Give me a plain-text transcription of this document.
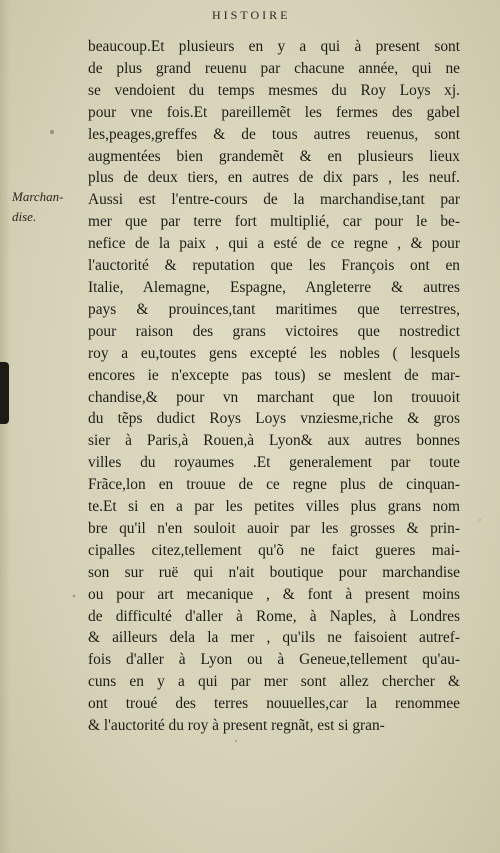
HISTOIRE
Marchan-
dise.
beaucoup.Et plusieurs en y a qui à present sont
de plus grand reuenu par chacune année, qui ne
se vendoient du temps mesmes du Roy Loys xj.
pour vne fois.Et pareillemẽt les fermes des gabel
les,peages,greffes & de tous autres reuenus, sont
augmentées bien grandemẽt & en plusieurs lieux
plus de deux tiers, en autres de dix pars , les neuf.
Aussi est l'entre-cours de la marchandise,tant par
mer que par terre fort multiplié, car pour le be-
nefice de la paix , qui a esté de ce regne , & pour
l'auctorité & reputation que les François ont en
Italie, Alemagne, Espagne, Angleterre & autres
pays & prouinces,tant maritimes que terrestres,
pour raison des grans victoires que nostredict
roy a eu,toutes gens excepté les nobles ( lesquels
encores ie n'excepte pas tous) se meslent de mar-
chandise,& pour vn marchant que lon trouuoit
du tẽps dudict Roys Loys vnziesme,riche & gros
sier à Paris,à Rouen,à Lyon& aux autres bonnes
villes du royaumes .Et generalement par toute
Frãce,lon en trouue de ce regne plus de cinquan-
te.Et si en a par les petites villes plus grans nom
bre qu'il n'en souloit auoir par les grosses & prin-
cipalles citez,tellement qu'õ ne faict gueres mai-
son sur ruë qui n'ait boutique pour marchandise
ou pour art mecanique , & font à present moins
de difficulté d'aller à Rome, à Naples, à Londres
& ailleurs dela la mer , qu'ils ne faisoient autref-
fois d'aller à Lyon ou à Geneue,tellement qu'au-
cuns en y a qui par mer sont allez chercher &
ont troué des terres nouuelles,car la renommee
& l'auctorité du roy à present regnãt, est si gran-
